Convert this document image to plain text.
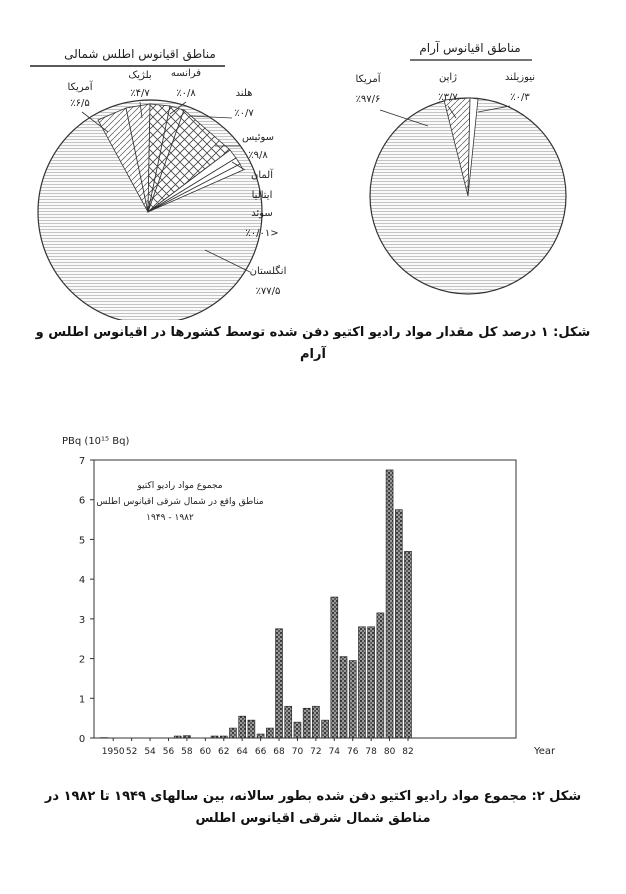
مناطق اقیانوس اطلس شمالی
آمریکا
٪۶/۵
بلژیک
٪۴/۷
فرانسه
٪۰/۸	هلند
٪۰/۷
سوئیس
٪۹/۸
آلمان
ایتالیا
سوئد
<٪۰/۰۱
انگلستان
٪۷۷/۵
مناطق اقیانوس آرام
آمریکا
٪۹۷/۶
ژاپن
٪۳/۷
نیوزیلند
٪۰/۳
شکل: ۱ درصد کل مقدار مواد رادیو اکتیو دفن شده توسط کشورها در اقیانوس اطلس و آرام
PBq (10¹⁵ Bq)
0
1
2
3
4
5
6
7
1950 52 54 56 58 60 62 64 66 68 70 72 74 76 78 80 82	Year
مجموع مواد رادیو اکتیو
مناطق واقع در شمال شرقی اقیانوس اطلس
۱۹۸۲ - ۱۹۴۹
شکل ۲: مجموع مواد رادیو اکتیو دفن شده بطور سالانه، بین سالهای ۱۹۴۹ تا ۱۹۸۲ در مناطق شمال شرقی اقیانوس اطلس
